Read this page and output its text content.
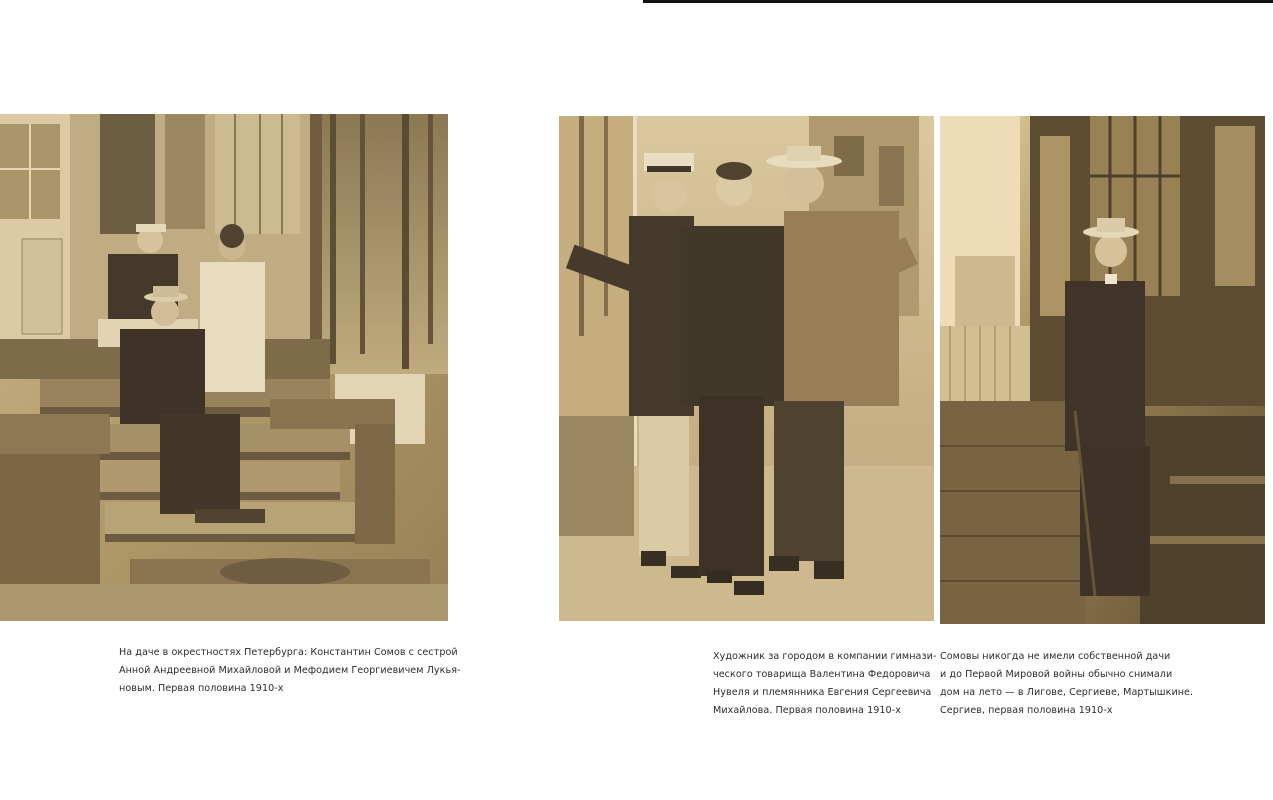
На даче в окрестностях Петербурга: Константин Сомов с сестрой
Анной Андреевной Михайловой и Мефодием Георгиевичем Лукья-
новым. Первая половина 1910-х
Художник за городом в компании гимнази-
ческого товарища Валентина Федоровича
Нувеля и племянника Евгения Сергеевича
Михайлова. Первая половина 1910-х
Сомовы никогда не имели собственной дачи
и до Первой Мировой войны обычно снимали
дом на лето — в Лигове, Сергиеве, Мартышкине.
Сергиев, первая половина 1910-х
